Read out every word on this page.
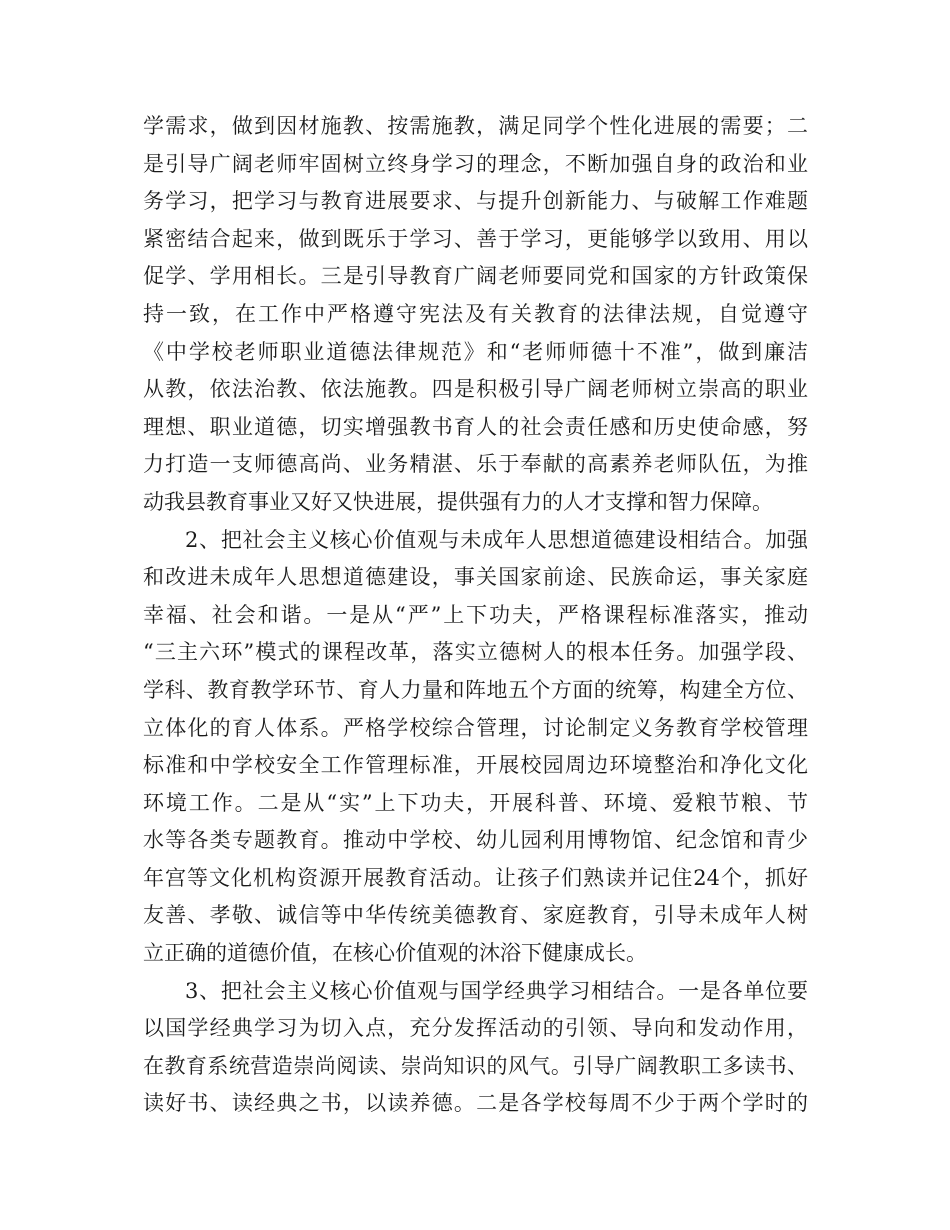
学需求，做到因材施教、按需施教，满足同学个性化进展的需要；二
是引导广阔老师牢固树立终身学习的理念，不断加强自身的政治和业
务学习，把学习与教育进展要求、与提升创新能力、与破解工作难题
紧密结合起来，做到既乐于学习、善于学习，更能够学以致用、用以
促学、学用相长。三是引导教育广阔老师要同党和国家的方针政策保
持一致，在工作中严格遵守宪法及有关教育的法律法规，自觉遵守
《中学校老师职业道德法律规范》和“老师师德十不准”，做到廉洁
从教，依法治教、依法施教。四是积极引导广阔老师树立崇高的职业
理想、职业道德，切实增强教书育人的社会责任感和历史使命感，努
力打造一支师德高尚、业务精湛、乐于奉献的高素养老师队伍，为推
动我县教育事业又好又快进展，提供强有力的人才支撑和智力保障。
2、把社会主义核心价值观与未成年人思想道德建设相结合。加强
和改进未成年人思想道德建设，事关国家前途、民族命运，事关家庭
幸福、社会和谐。一是从“严”上下功夫，严格课程标准落实，推动
“三主六环”模式的课程改革，落实立德树人的根本任务。加强学段、
学科、教育教学环节、育人力量和阵地五个方面的统筹，构建全方位、
立体化的育人体系。严格学校综合管理，讨论制定义务教育学校管理
标准和中学校安全工作管理标准，开展校园周边环境整治和净化文化
环境工作。二是从“实”上下功夫，开展科普、环境、爱粮节粮、节
水等各类专题教育。推动中学校、幼儿园利用博物馆、纪念馆和青少
年宫等文化机构资源开展教育活动。让孩子们熟读并记住24个，抓好
友善、孝敬、诚信等中华传统美德教育、家庭教育，引导未成年人树
立正确的道德价值，在核心价值观的沐浴下健康成长。
3、把社会主义核心价值观与国学经典学习相结合。一是各单位要
以国学经典学习为切入点，充分发挥活动的引领、导向和发动作用，
在教育系统营造崇尚阅读、崇尚知识的风气。引导广阔教职工多读书、
读好书、读经典之书，以读养德。二是各学校每周不少于两个学时的
